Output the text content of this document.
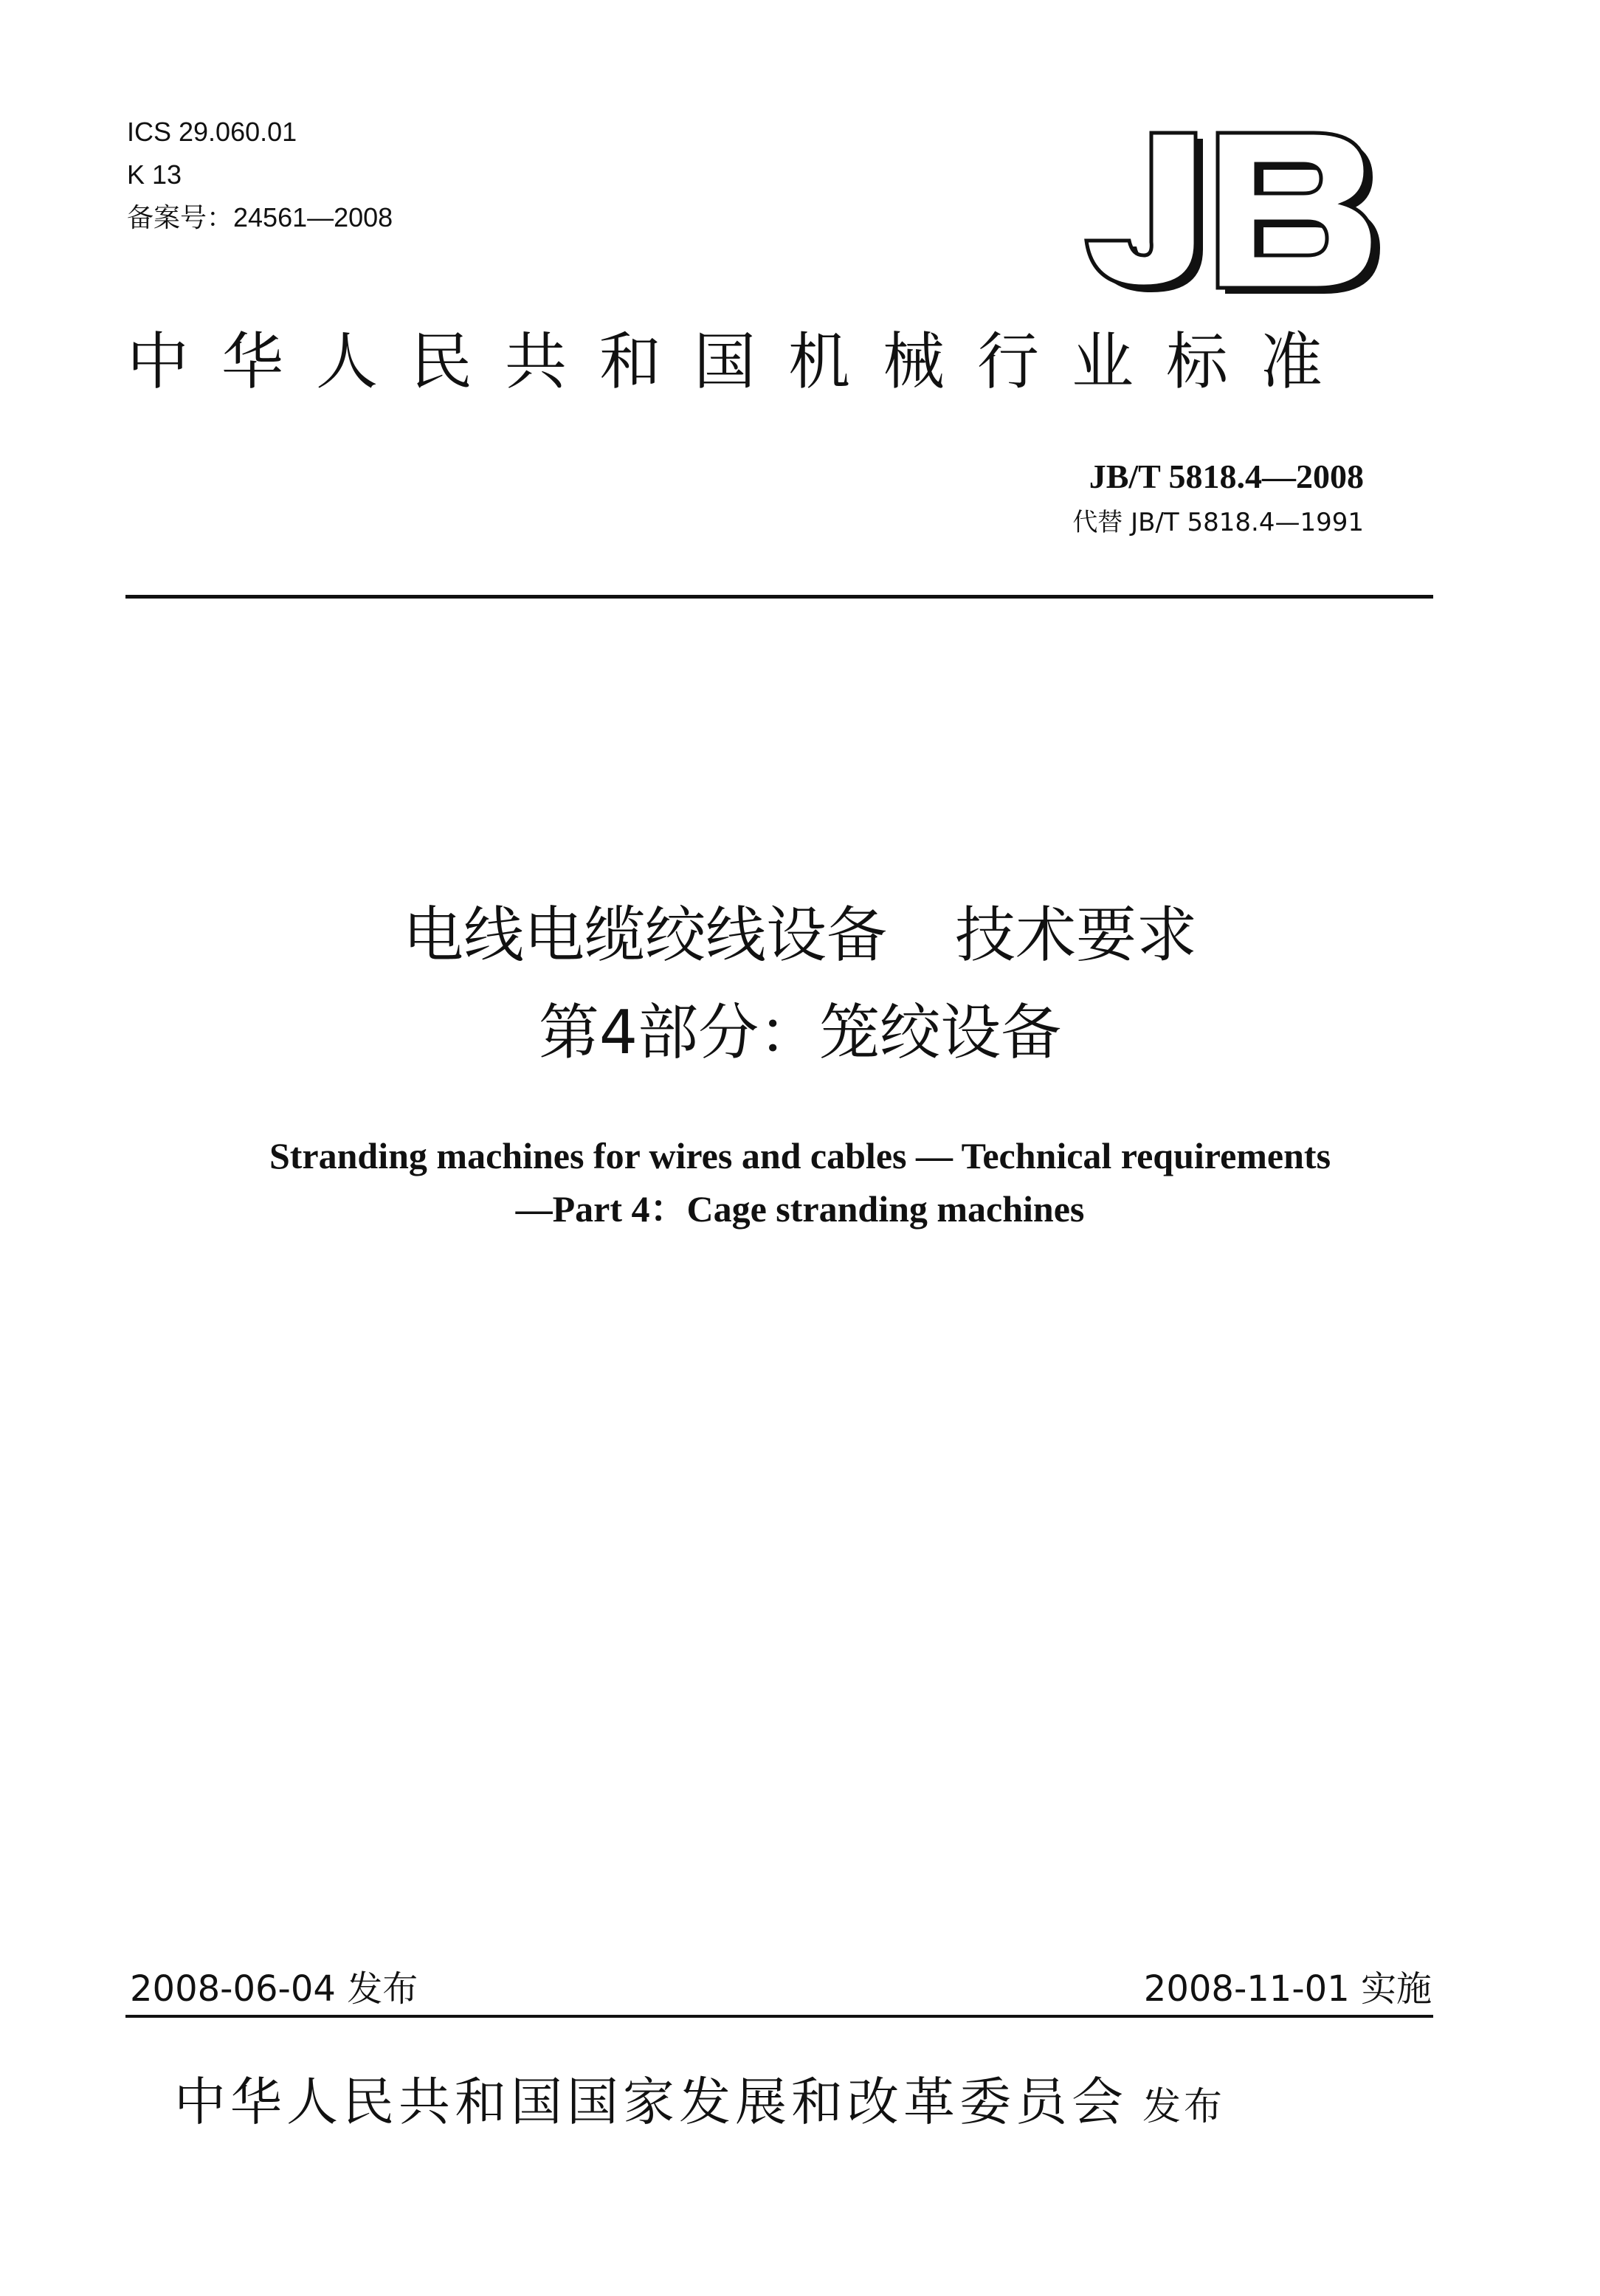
ICS 29.060.01
K 13
备案号：24561—2008
中华人民共和国机械行业标准
JB/T 5818.4—2008
代替 JB/T 5818.4—1991
电线电缆绞线设备 技术要求
第4部分：笼绞设备
Stranding machines for wires and cables — Technical requirements
—Part 4：Cage stranding machines
2008-06-04 发布	2008-11-01 实施
中华人民共和国国家发展和改革委员会 发布
